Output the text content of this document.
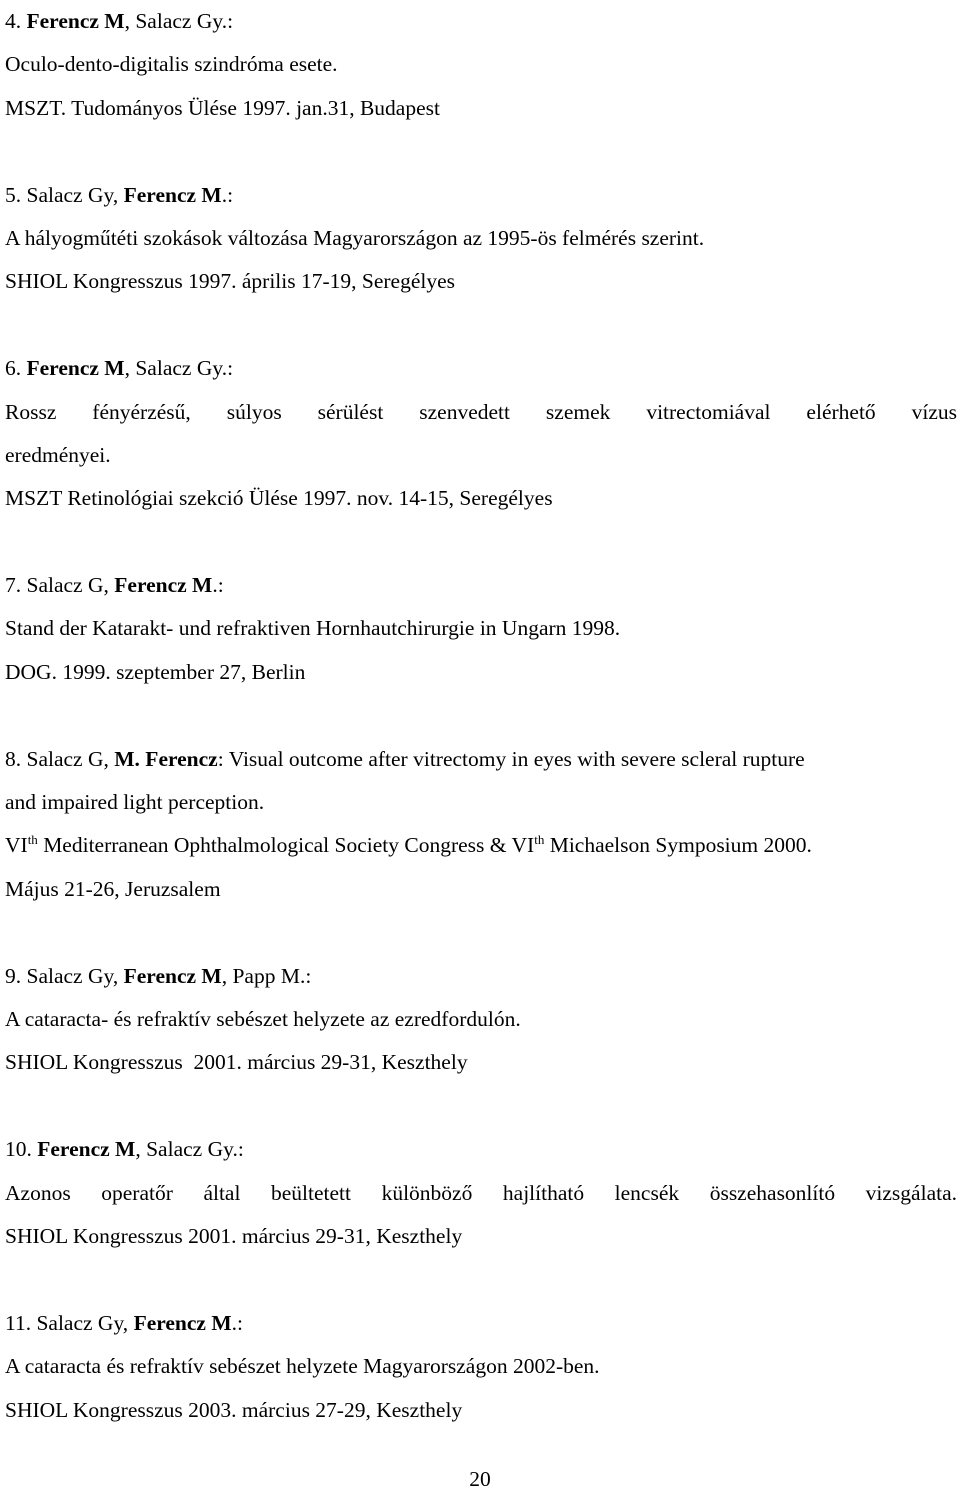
4. Ferencz M, Salacz Gy.:

Oculo-dento-digitalis szindróma esete.

MSZT. Tudományos Ülése 1997. jan.31, Budapest

5. Salacz Gy, Ferencz M.:

A hályogműtéti szokások változása Magyarországon az 1995-ös felmérés szerint.

SHIOL Kongresszus 1997. április 17-19, Seregélyes

6. Ferencz M, Salacz Gy.:

Rossz fényérzésű, súlyos sérülést szenvedett szemek vitrectomiával elérhető vízus

eredményei.

MSZT Retinológiai szekció Ülése 1997. nov. 14-15, Seregélyes

7. Salacz G, Ferencz M.:

Stand der Katarakt- und refraktiven Hornhautchirurgie in Ungarn 1998.

DOG. 1999. szeptember 27, Berlin

8. Salacz G, M. Ferencz: Visual outcome after vitrectomy in eyes with severe scleral rupture

and impaired light perception.

VIth Mediterranean Ophthalmological Society Congress & VIth Michaelson Symposium 2000.

Május 21-26, Jeruzsalem

9. Salacz Gy, Ferencz M, Papp M.:

A cataracta- és refraktív sebészet helyzete az ezredfordulón.

SHIOL Kongresszus  2001. március 29-31, Keszthely

10. Ferencz M, Salacz Gy.:

Azonos operatőr által beültetett különböző hajlítható lencsék összehasonlító vizsgálata.

SHIOL Kongresszus 2001. március 29-31, Keszthely

11. Salacz Gy, Ferencz M.:

A cataracta és refraktív sebészet helyzete Magyarországon 2002-ben.

SHIOL Kongresszus 2003. március 27-29, Keszthely

20
